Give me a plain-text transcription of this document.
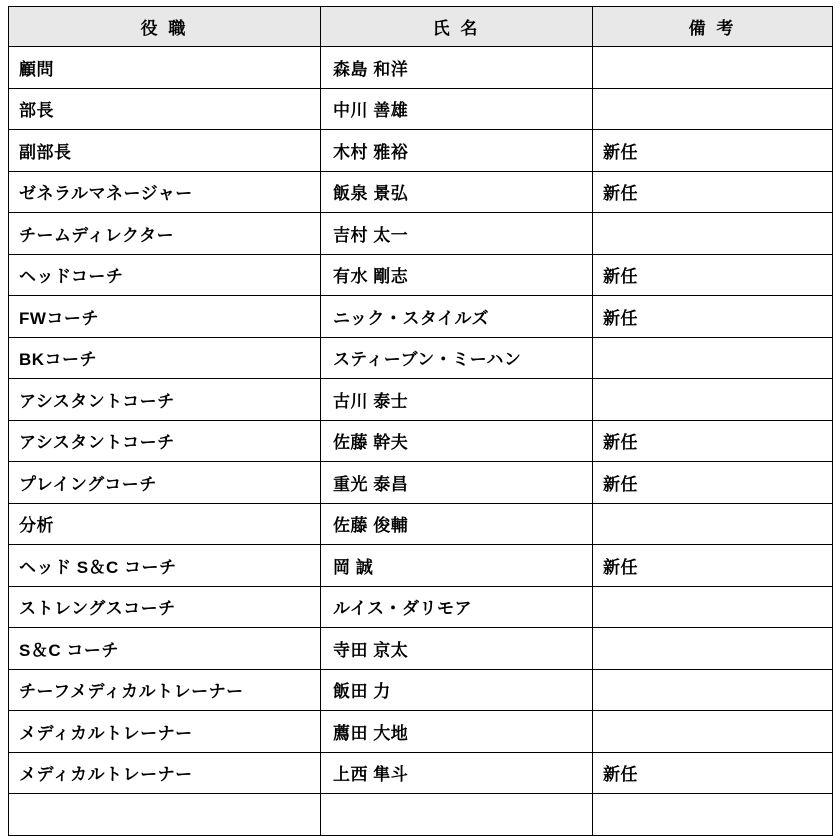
役 職	氏 名	備 考
顧問	森島 和洋	
部長	中川 善雄	
副部長	木村 雅裕	新任
ゼネラルマネージャー	飯泉 景弘	新任
チームディレクター	吉村 太一	
ヘッドコーチ	有水 剛志	新任
FWコーチ	ニック・スタイルズ	新任
BKコーチ	スティーブン・ミーハン	
アシスタントコーチ	古川 泰士	
アシスタントコーチ	佐藤 幹夫	新任
プレイングコーチ	重光 泰昌	新任
分析	佐藤 俊輔	
ヘッド S＆C コーチ	岡 誠	新任
ストレングスコーチ	ルイス・ダリモア	
S＆C コーチ	寺田 京太	
チーフメディカルトレーナー	飯田 力	
メディカルトレーナー	薦田 大地	
メディカルトレーナー	上西 隼斗	新任
